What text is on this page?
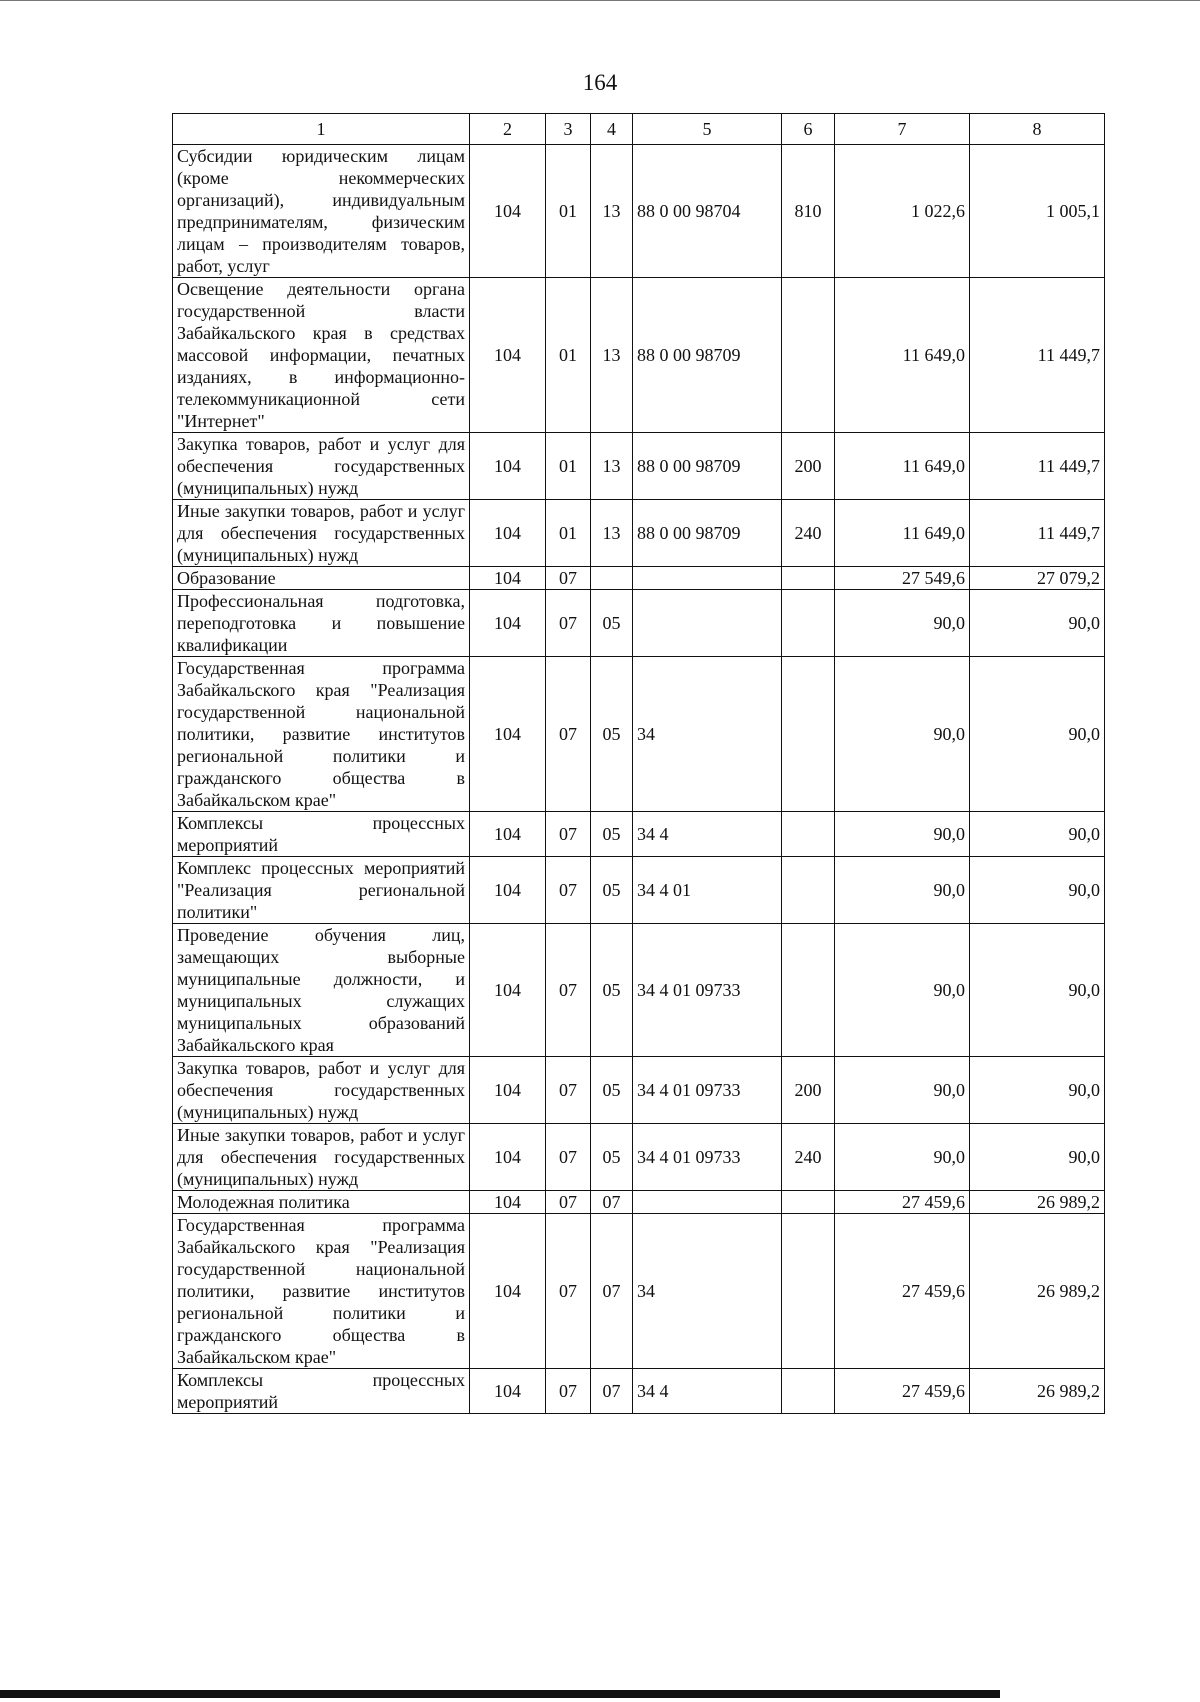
164
1	2	3	4	5	6	7	8
Субсидии юридическим лицам (кроме некоммерческих организаций), индивидуальным предпринимателям, физическим лицам – производителям товаров, работ, услуг	104	01	13	88 0 00 98704	810	1 022,6	1 005,1
Освещение деятельности органа государственной власти Забайкальского края в средствах массовой информации, печатных изданиях, в информационно-телекоммуникационной сети "Интернет"	104	01	13	88 0 00 98709		11 649,0	11 449,7
Закупка товаров, работ и услуг для обеспечения государственных (муниципальных) нужд	104	01	13	88 0 00 98709	200	11 649,0	11 449,7
Иные закупки товаров, работ и услуг для обеспечения государственных (муниципальных) нужд	104	01	13	88 0 00 98709	240	11 649,0	11 449,7
Образование	104	07				27 549,6	27 079,2
Профессиональная подготовка, переподготовка и повышение квалификации	104	07	05			90,0	90,0
Государственная программа Забайкальского края "Реализация государственной национальной политики, развитие институтов региональной политики и гражданского общества в Забайкальском крае"	104	07	05	34		90,0	90,0
Комплексы процессных мероприятий	104	07	05	34 4		90,0	90,0
Комплекс процессных мероприятий "Реализация региональной политики"	104	07	05	34 4 01		90,0	90,0
Проведение обучения лиц, замещающих выборные муниципальные должности, и муниципальных служащих муниципальных образований Забайкальского края	104	07	05	34 4 01 09733		90,0	90,0
Закупка товаров, работ и услуг для обеспечения государственных (муниципальных) нужд	104	07	05	34 4 01 09733	200	90,0	90,0
Иные закупки товаров, работ и услуг для обеспечения государственных (муниципальных) нужд	104	07	05	34 4 01 09733	240	90,0	90,0
Молодежная политика	104	07	07			27 459,6	26 989,2
Государственная программа Забайкальского края "Реализация государственной национальной политики, развитие институтов региональной политики и гражданского общества в Забайкальском крае"	104	07	07	34		27 459,6	26 989,2
Комплексы процессных мероприятий	104	07	07	34 4		27 459,6	26 989,2
